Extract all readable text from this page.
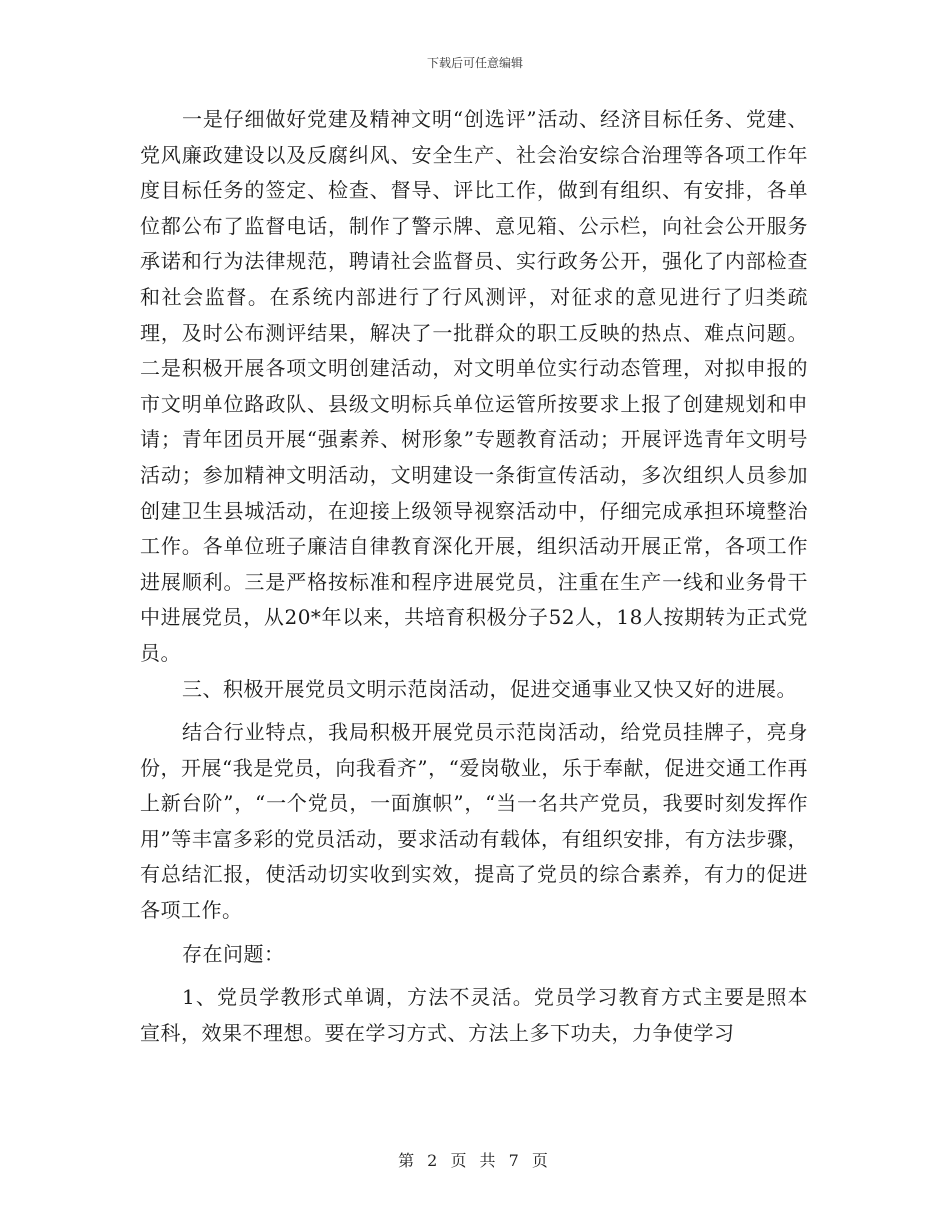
下载后可任意编辑

一是仔细做好党建及精神文明“创选评”活动、经济目标任务、党建、党风廉政建设以及反腐纠风、安全生产、社会治安综合治理等各项工作年度目标任务的签定、检查、督导、评比工作，做到有组织、有安排，各单位都公布了监督电话，制作了警示牌、意见箱、公示栏，向社会公开服务承诺和行为法律规范，聘请社会监督员、实行政务公开，强化了内部检查和社会监督。在系统内部进行了行风测评，对征求的意见进行了归类疏理，及时公布测评结果，解决了一批群众的职工反映的热点、难点问题。二是积极开展各项文明创建活动，对文明单位实行动态管理，对拟申报的市文明单位路政队、县级文明标兵单位运管所按要求上报了创建规划和申请；青年团员开展“强素养、树形象”专题教育活动；开展评选青年文明号活动；参加精神文明活动，文明建设一条街宣传活动，多次组织人员参加创建卫生县城活动，在迎接上级领导视察活动中，仔细完成承担环境整治工作。各单位班子廉洁自律教育深化开展，组织活动开展正常，各项工作进展顺利。三是严格按标准和程序进展党员，注重在生产一线和业务骨干中进展党员，从20*年以来，共培育积极分子52人，18人按期转为正式党员。

三、积极开展党员文明示范岗活动，促进交通事业又快又好的进展。

结合行业特点，我局积极开展党员示范岗活动，给党员挂牌子，亮身份，开展“我是党员，向我看齐”，“爱岗敬业，乐于奉献，促进交通工作再上新台阶”，“一个党员，一面旗帜”，“当一名共产党员，我要时刻发挥作用”等丰富多彩的党员活动，要求活动有载体，有组织安排，有方法步骤，有总结汇报，使活动切实收到实效，提高了党员的综合素养，有力的促进各项工作。

存在问题：

1、党员学教形式单调，方法不灵活。党员学习教育方式主要是照本宣科，效果不理想。要在学习方式、方法上多下功夫，力争使学习

第 2 页 共 7 页
